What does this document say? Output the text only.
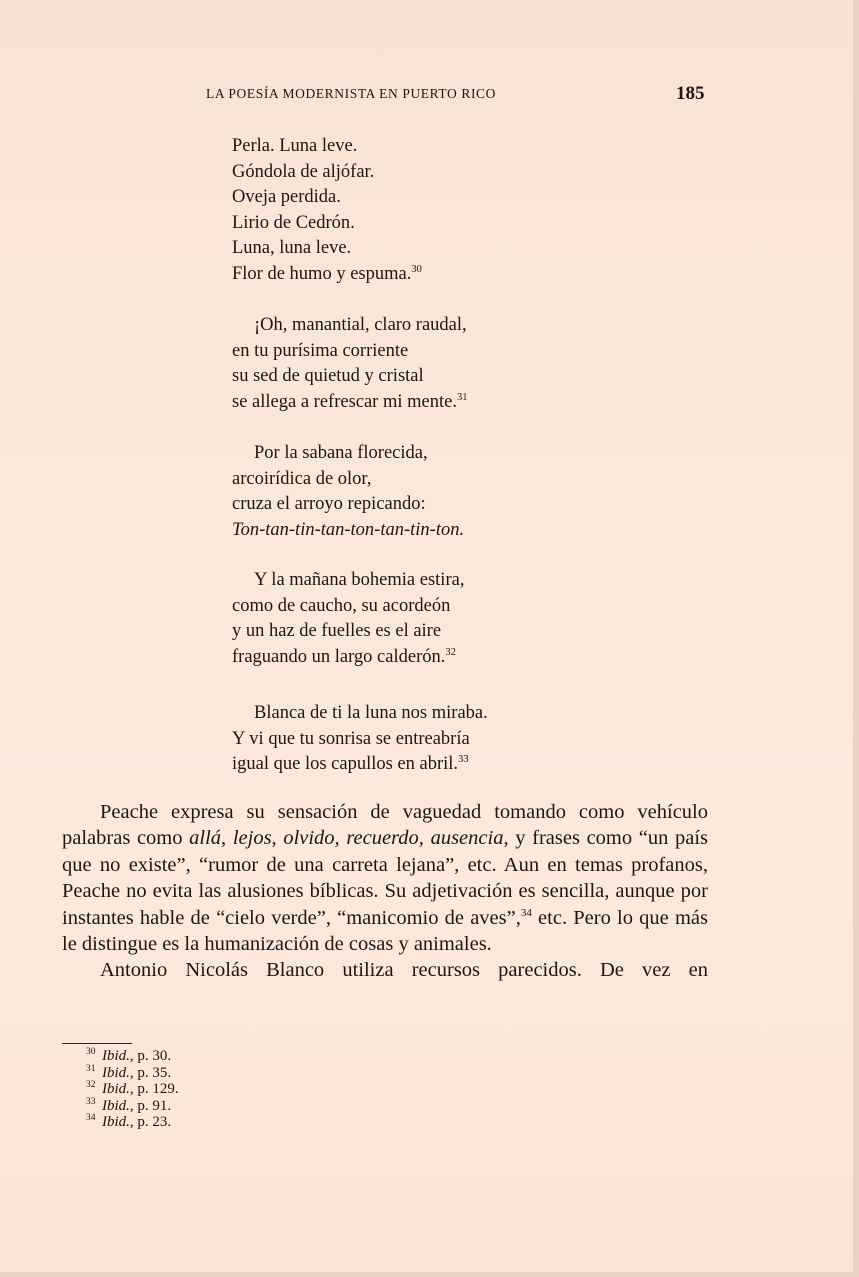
LA POESÍA MODERNISTA EN PUERTO RICO	185
Perla. Luna leve.
Góndola de aljófar.
Oveja perdida.
Lirio de Cedrón.
Luna, luna leve.
Flor de humo y espuma.$^{30}$
¡Oh, manantial, claro raudal,
en tu purísima corriente
su sed de quietud y cristal
se allega a refrescar mi mente.$^{31}$
Por la sabana florecida,
arcoirídica de olor,
cruza el arroyo repicando:
Ton-tan-tin-tan-ton-tan-tin-ton.
Y la mañana bohemia estira,
como de caucho, su acordeón
y un haz de fuelles es el aire
fraguando un largo calderón.$^{32}$
Blanca de ti la luna nos miraba.
Y vi que tu sonrisa se entreabría
igual que los capullos en abril.$^{33}$

Peache expresa su sensación de vaguedad tomando como vehículo palabras como allá, lejos, olvido, recuerdo, ausencia, y frases como “un país que no existe”, “rumor de una carreta lejana”, etc. Aun en temas profanos, Peache no evita las alusiones bíblicas. Su adjetivación es sencilla, aunque por instantes hable de “cielo verde”, “manicomio de aves”,$^{34}$ etc. Pero lo que más le distingue es la humanización de cosas y animales.

Antonio Nicolás Blanco utiliza recursos parecidos. De vez en

30 Ibid., p. 30.
31 Ibid., p. 35.
32 Ibid., p. 129.
33 Ibid., p. 91.
34 Ibid., p. 23.
